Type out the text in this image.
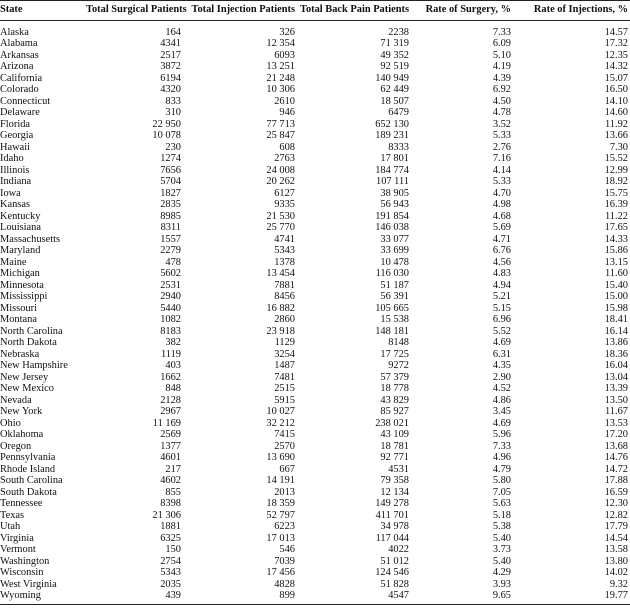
State	Total Surgical Patients	Total Injection Patients	Total Back Pain Patients	Rate of Surgery, %	Rate of Injections, %

Alaska	164	326	2238	7.33	14.57
Alabama	4341	12 354	71 319	6.09	17.32
Arkansas	2517	6093	49 352	5.10	12.35
Arizona	3872	13 251	92 519	4.19	14.32
California	6194	21 248	140 949	4.39	15.07
Colorado	4320	10 306	62 449	6.92	16.50
Connecticut	833	2610	18 507	4.50	14.10
Delaware	310	946	6479	4.78	14.60
Florida	22 950	77 713	652 130	3.52	11.92
Georgia	10 078	25 847	189 231	5.33	13.66
Hawaii	230	608	8333	2.76	7.30
Idaho	1274	2763	17 801	7.16	15.52
Illinois	7656	24 008	184 774	4.14	12.99
Indiana	5704	20 262	107 111	5.33	18.92
Iowa	1827	6127	38 905	4.70	15.75
Kansas	2835	9335	56 943	4.98	16.39
Kentucky	8985	21 530	191 854	4.68	11.22
Louisiana	8311	25 770	146 038	5.69	17.65
Massachusetts	1557	4741	33 077	4.71	14.33
Maryland	2279	5343	33 699	6.76	15.86
Maine	478	1378	10 478	4.56	13.15
Michigan	5602	13 454	116 030	4.83	11.60
Minnesota	2531	7881	51 187	4.94	15.40
Mississippi	2940	8456	56 391	5.21	15.00
Missouri	5440	16 882	105 665	5.15	15.98
Montana	1082	2860	15 538	6.96	18.41
North Carolina	8183	23 918	148 181	5.52	16.14
North Dakota	382	1129	8148	4.69	13.86
Nebraska	1119	3254	17 725	6.31	18.36
New Hampshire	403	1487	9272	4.35	16.04
New Jersey	1662	7481	57 379	2.90	13.04
New Mexico	848	2515	18 778	4.52	13.39
Nevada	2128	5915	43 829	4.86	13.50
New York	2967	10 027	85 927	3.45	11.67
Ohio	11 169	32 212	238 021	4.69	13.53
Oklahoma	2569	7415	43 109	5.96	17.20
Oregon	1377	2570	18 781	7.33	13.68
Pennsylvania	4601	13 690	92 771	4.96	14.76
Rhode Island	217	667	4531	4.79	14.72
South Carolina	4602	14 191	79 358	5.80	17.88
South Dakota	855	2013	12 134	7.05	16.59
Tennessee	8398	18 359	149 278	5.63	12.30
Texas	21 306	52 797	411 701	5.18	12.82
Utah	1881	6223	34 978	5.38	17.79
Virginia	6325	17 013	117 044	5.40	14.54
Vermont	150	546	4022	3.73	13.58
Washington	2754	7039	51 012	5.40	13.80
Wisconsin	5343	17 456	124 546	4.29	14.02
West Virginia	2035	4828	51 828	3.93	9.32
Wyoming	439	899	4547	9.65	19.77
